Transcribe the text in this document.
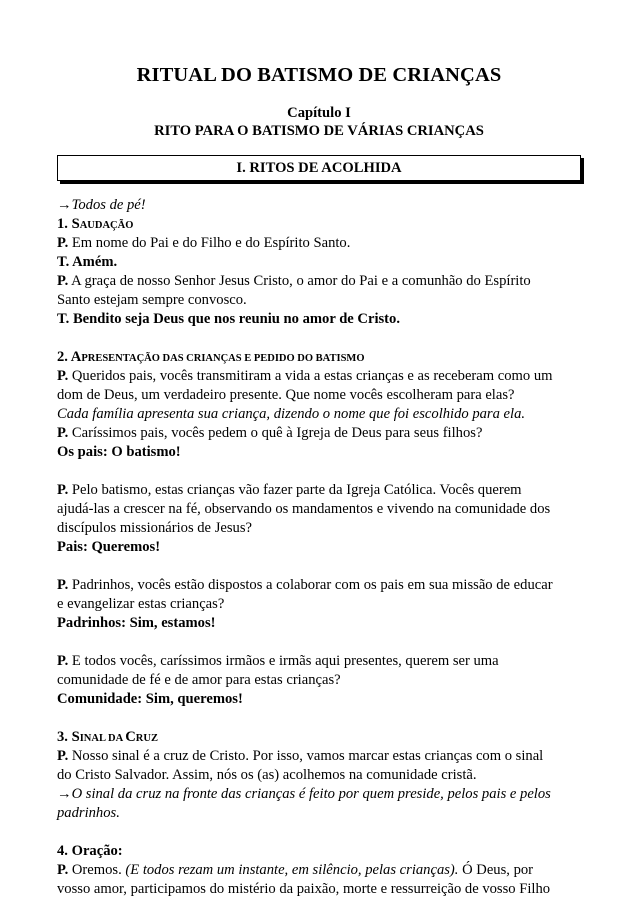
RITUAL DO BATISMO DE CRIANÇAS
Capítulo I
RITO PARA O BATISMO DE VÁRIAS CRIANÇAS
I. RITOS DE ACOLHIDA
→Todos de pé!
1. SAUDAÇÃO
P. Em nome do Pai e do Filho e do Espírito Santo.
T. Amém.
P. A graça de nosso Senhor Jesus Cristo, o amor do Pai e a comunhão do Espírito
Santo estejam sempre convosco.
T. Bendito seja Deus que nos reuniu no amor de Cristo.
2. APRESENTAÇÃO DAS CRIANÇAS E PEDIDO DO BATISMO
P. Queridos pais, vocês transmitiram a vida a estas crianças e as receberam como um
dom de Deus, um verdadeiro presente. Que nome vocês escolheram para elas?
Cada família apresenta sua criança, dizendo o nome que foi escolhido para ela.
P. Caríssimos pais, vocês pedem o quê à Igreja de Deus para seus filhos?
Os pais: O batismo!
P. Pelo batismo, estas crianças vão fazer parte da Igreja Católica. Vocês querem
ajudá-las a crescer na fé, observando os mandamentos e vivendo na comunidade dos
discípulos missionários de Jesus?
Pais: Queremos!
P. Padrinhos, vocês estão dispostos a colaborar com os pais em sua missão de educar
e evangelizar estas crianças?
Padrinhos: Sim, estamos!
P. E todos vocês, caríssimos irmãos e irmãs aqui presentes, querem ser uma
comunidade de fé e de amor para estas crianças?
Comunidade: Sim, queremos!
3. SINAL DA CRUZ
P. Nosso sinal é a cruz de Cristo. Por isso, vamos marcar estas crianças com o sinal
do Cristo Salvador. Assim, nós os (as) acolhemos na comunidade cristã.
→O sinal da cruz na fronte das crianças é feito por quem preside, pelos pais e pelos
padrinhos.
4. Oração:
P. Oremos. (E todos rezam um instante, em silêncio, pelas crianças). Ó Deus, por
vosso amor, participamos do mistério da paixão, morte e ressurreição de vosso Filho
